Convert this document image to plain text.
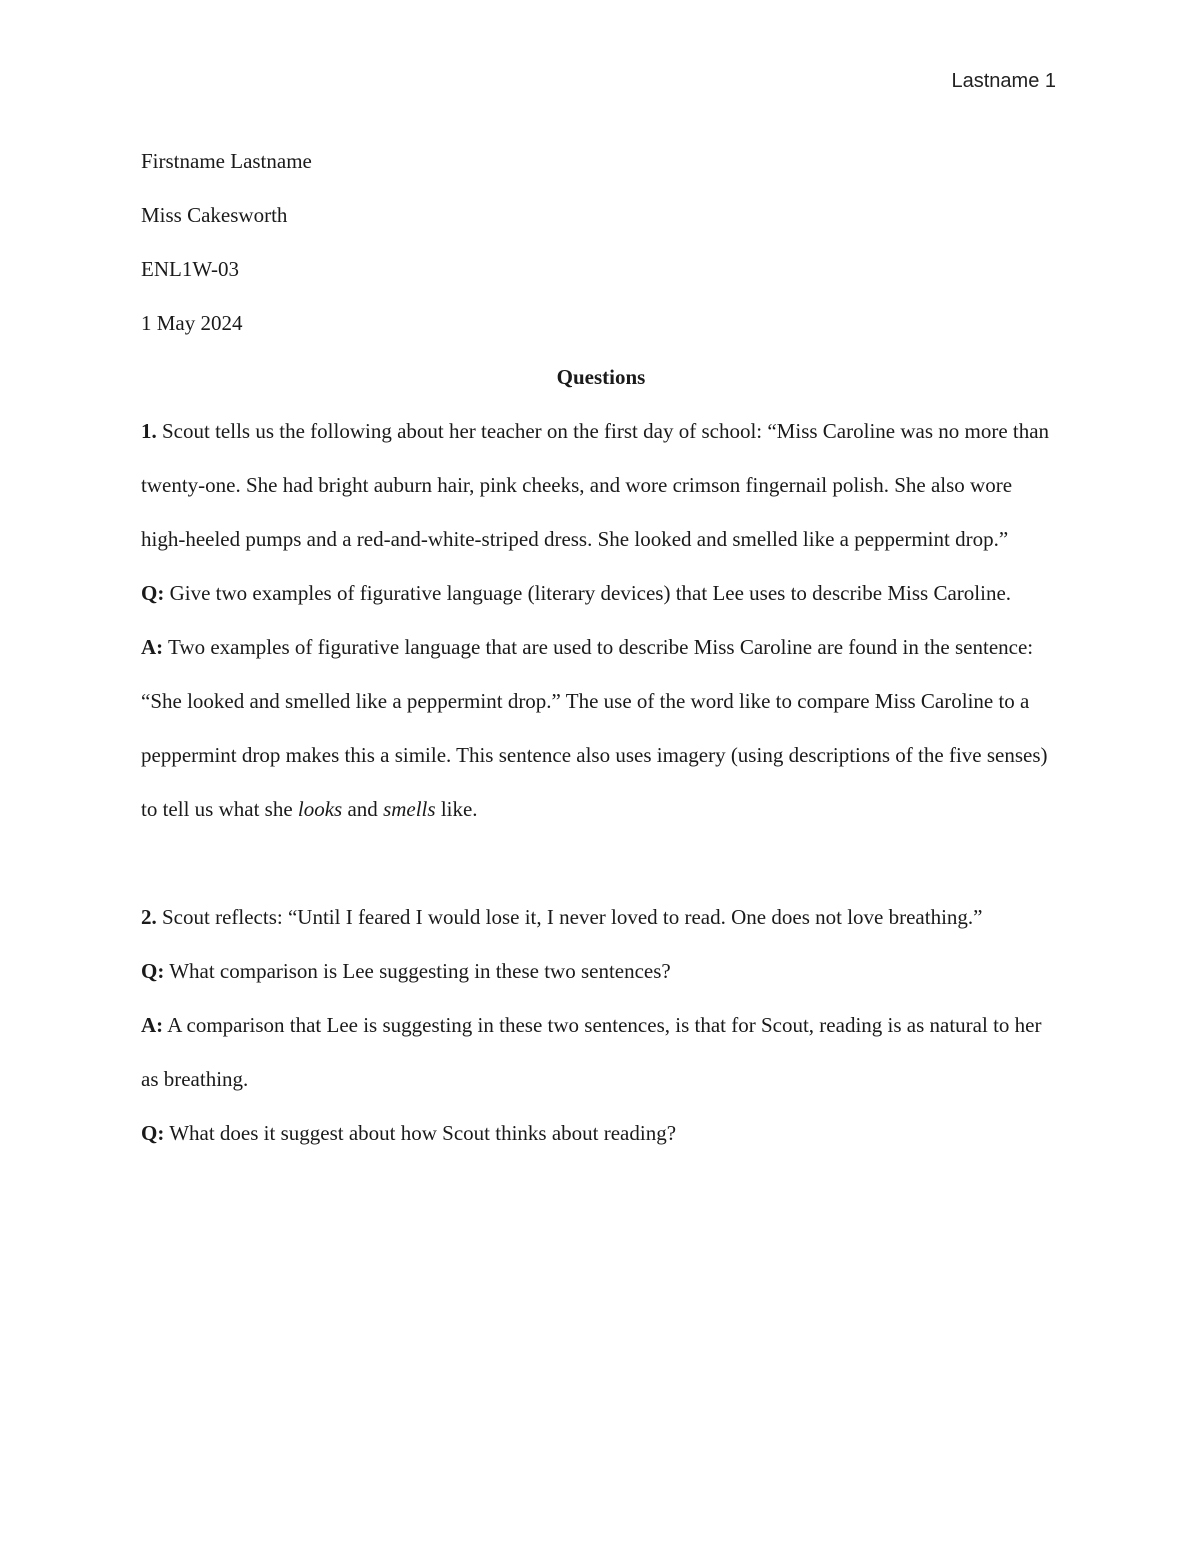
Lastname 1

Firstname Lastname

Miss Cakesworth

ENL1W-03

1 May 2024

Questions

1. Scout tells us the following about her teacher on the first day of school: “Miss Caroline was no more than twenty-one. She had bright auburn hair, pink cheeks, and wore crimson fingernail polish. She also wore high-heeled pumps and a red-and-white-striped dress. She looked and smelled like a peppermint drop.”

Q: Give two examples of figurative language (literary devices) that Lee uses to describe Miss Caroline.

A: Two examples of figurative language that are used to describe Miss Caroline are found in the sentence: “She looked and smelled like a peppermint drop.” The use of the word like to compare Miss Caroline to a peppermint drop makes this a simile. This sentence also uses imagery (using descriptions of the five senses) to tell us what she looks and smells like.

2. Scout reflects: “Until I feared I would lose it, I never loved to read. One does not love breathing.”

Q: What comparison is Lee suggesting in these two sentences?

A: A comparison that Lee is suggesting in these two sentences, is that for Scout, reading is as natural to her as breathing.

Q: What does it suggest about how Scout thinks about reading?
